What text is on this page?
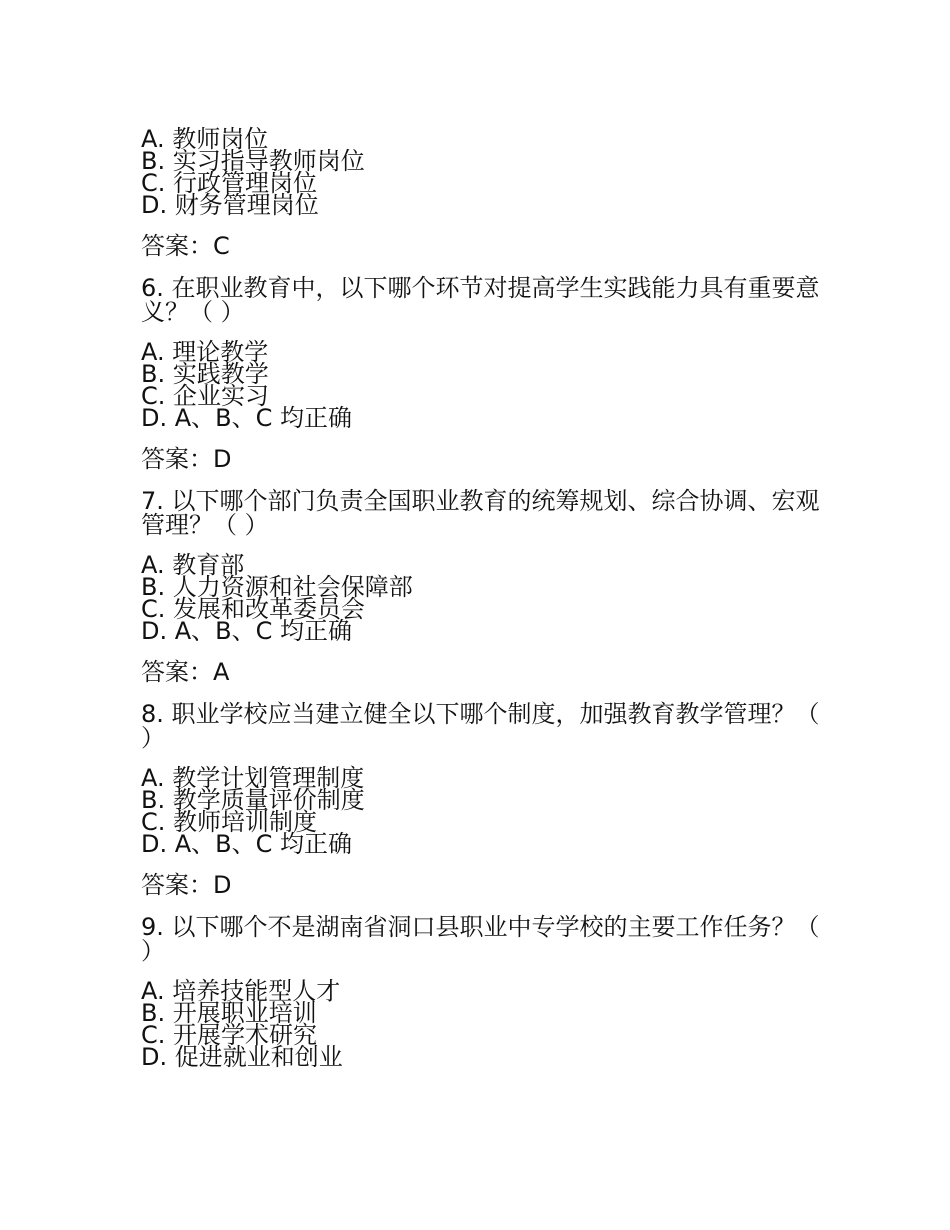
A. 教师岗位
B. 实习指导教师岗位
C. 行政管理岗位
D. 财务管理岗位
答案：C
6. 在职业教育中，以下哪个环节对提高学生实践能力具有重要意义？（ ）
A. 理论教学
B. 实践教学
C. 企业实习
D. A、B、C 均正确
答案：D
7. 以下哪个部门负责全国职业教育的统筹规划、综合协调、宏观管理？（ ）
A. 教育部
B. 人力资源和社会保障部
C. 发展和改革委员会
D. A、B、C 均正确
答案：A
8. 职业学校应当建立健全以下哪个制度，加强教育教学管理？（ ）
A. 教学计划管理制度
B. 教学质量评价制度
C. 教师培训制度
D. A、B、C 均正确
答案：D
9. 以下哪个不是湖南省洞口县职业中专学校的主要工作任务？（ ）
A. 培养技能型人才
B. 开展职业培训
C. 开展学术研究
D. 促进就业和创业
